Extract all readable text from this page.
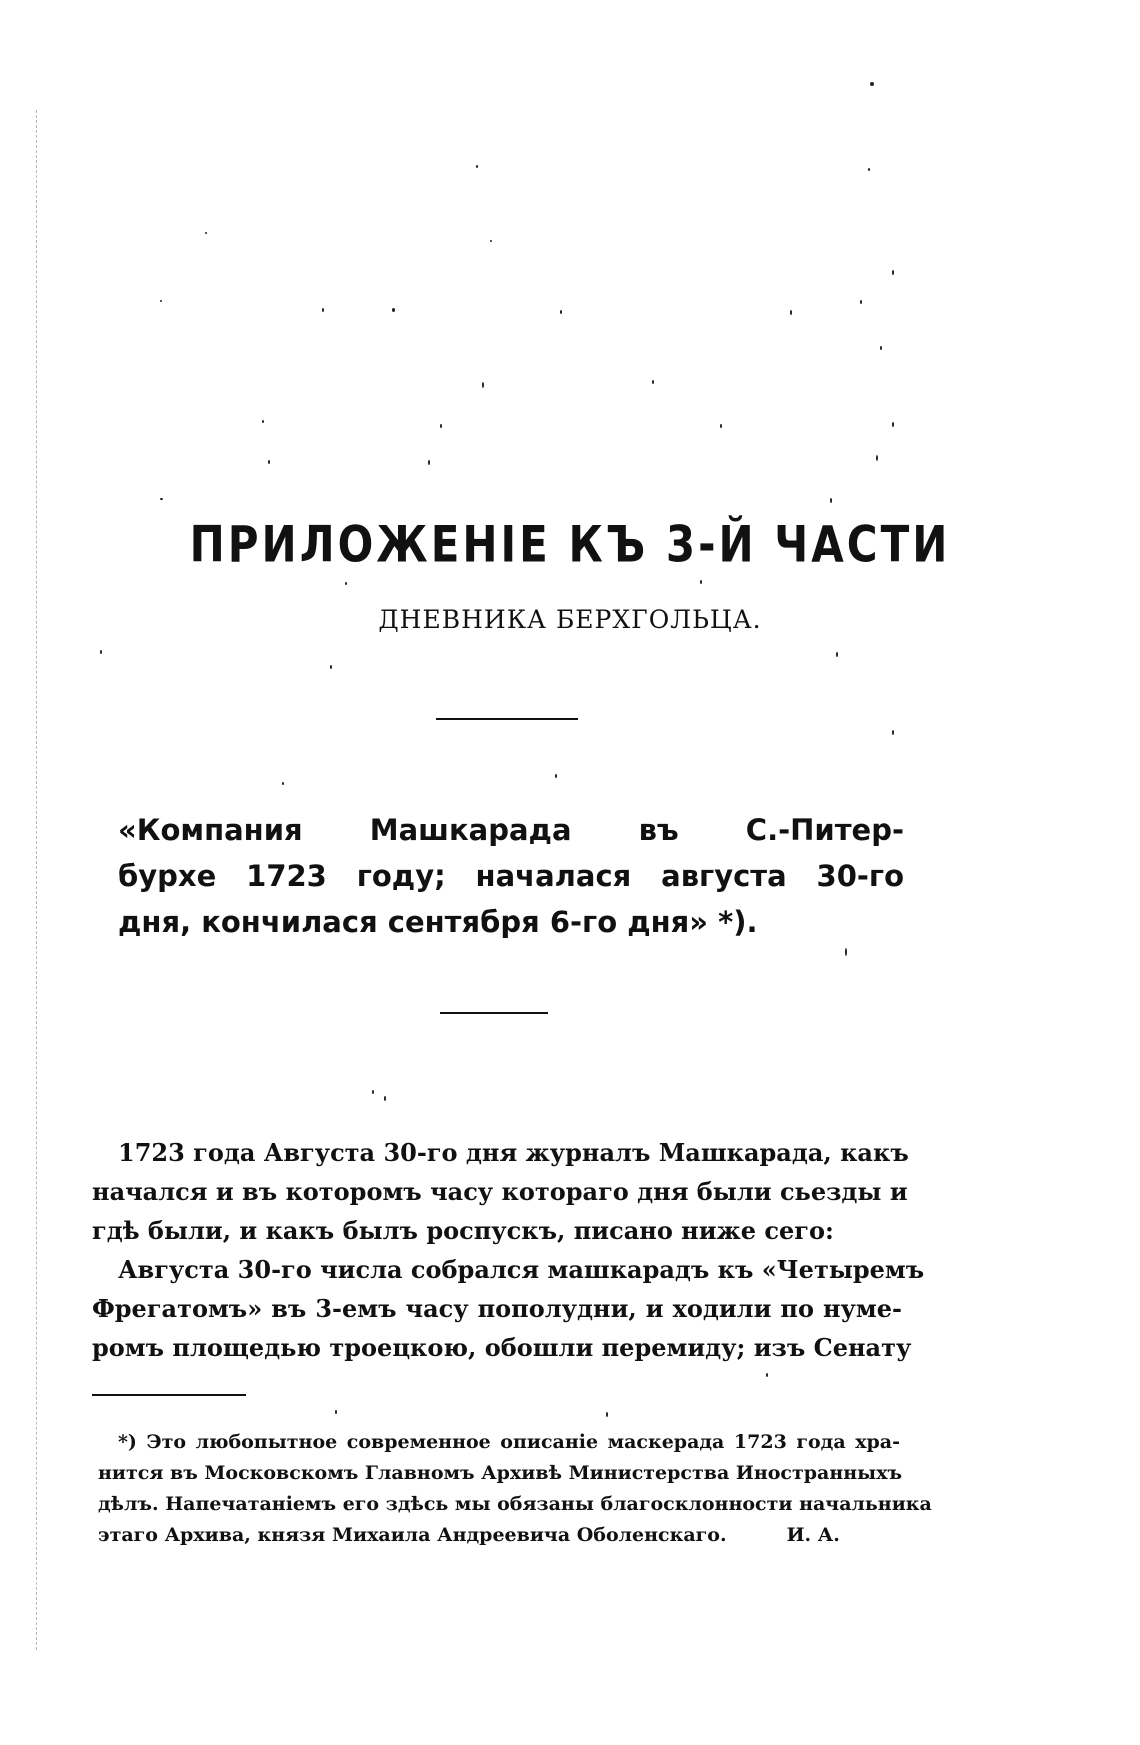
ПРИЛОЖЕНІЕ КЪ 3-Й ЧАСТИ
ДНЕВНИКА БЕРХГОЛЬЦА.
«Компания Машкарада въ С.-Питер-
бурхе 1723 году; началася августа 30-го
дня, кончилася сентября 6-го дня» *).
1723 года Августа 30-го дня журналъ Машкарада, какъ
начался и въ которомъ часу котораго дня были сьезды и
гдѣ были, и какъ былъ роспускъ, писано ниже сего:
Августа 30-го числа собрался машкарадъ къ «Четыремъ
Фрегатомъ» въ 3-емъ часу пополудни, и ходили по нуме-
ромъ площедью троецкою, обошли перемиду; изъ Сенату
*) Это любопытное современное описаніе маскерада 1723 года хра-
нится въ Московскомъ Главномъ Архивѣ Министерства Иностранныхъ
дѣлъ. Напечатаніемъ его здѣсь мы обязаны благосклонности начальника
этаго Архива, князя Михаила Андреевича Оболенскаго.	И. А.
